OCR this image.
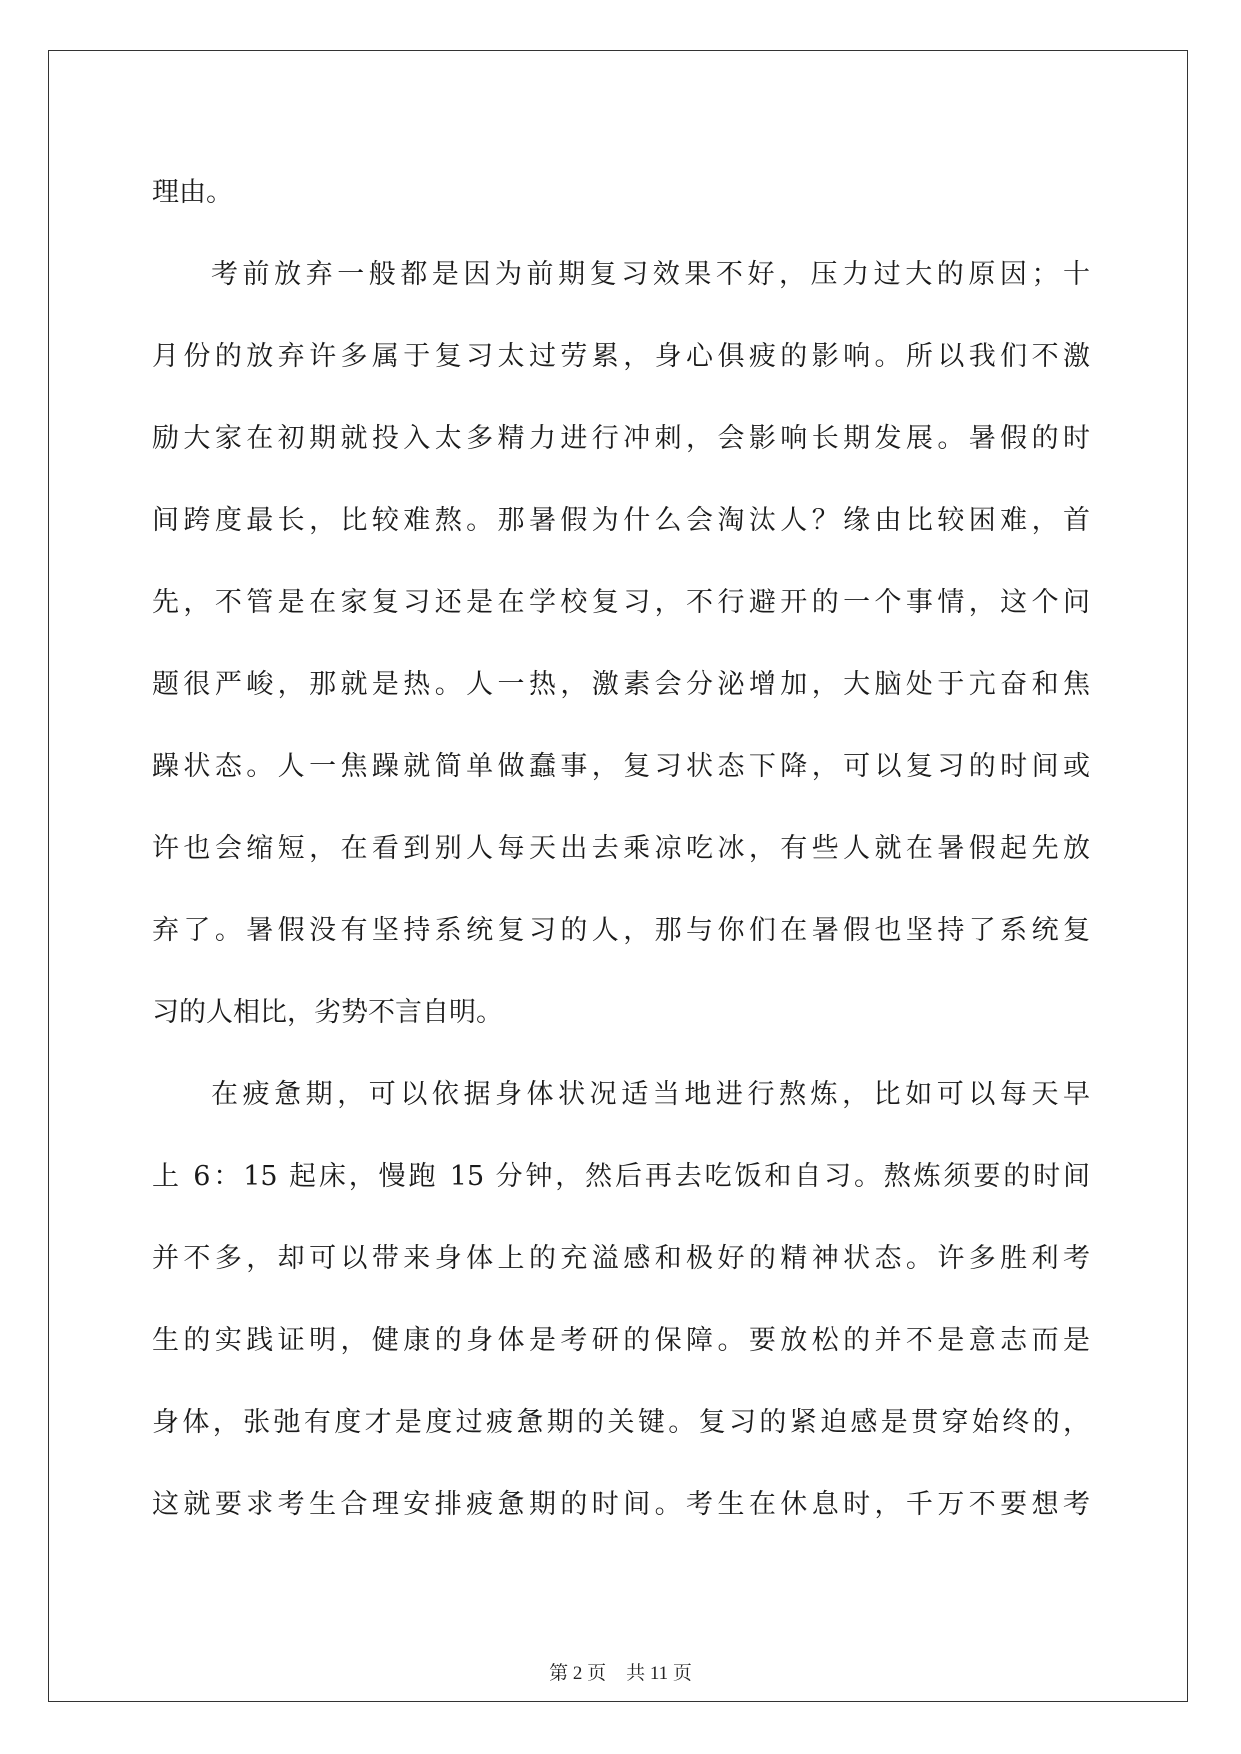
理由。

考前放弃一般都是因为前期复习效果不好，压力过大的原因；十

月份的放弃许多属于复习太过劳累，身心俱疲的影响。所以我们不激

励大家在初期就投入太多精力进行冲刺，会影响长期发展。暑假的时

间跨度最长，比较难熬。那暑假为什么会淘汰人？缘由比较困难，首

先，不管是在家复习还是在学校复习，不行避开的一个事情，这个问

题很严峻，那就是热。人一热，激素会分泌增加，大脑处于亢奋和焦

躁状态。人一焦躁就简单做蠢事，复习状态下降，可以复习的时间或

许也会缩短，在看到别人每天出去乘凉吃冰，有些人就在暑假起先放

弃了。暑假没有坚持系统复习的人，那与你们在暑假也坚持了系统复

习的人相比，劣势不言自明。

在疲惫期，可以依据身体状况适当地进行熬炼，比如可以每天早

上 6：15 起床，慢跑 15 分钟，然后再去吃饭和自习。熬炼须要的时间

并不多，却可以带来身体上的充溢感和极好的精神状态。许多胜利考

生的实践证明，健康的身体是考研的保障。要放松的并不是意志而是

身体，张弛有度才是度过疲惫期的关键。复习的紧迫感是贯穿始终的，

这就要求考生合理安排疲惫期的时间。考生在休息时，千万不要想考

第 2 页 共 11 页
